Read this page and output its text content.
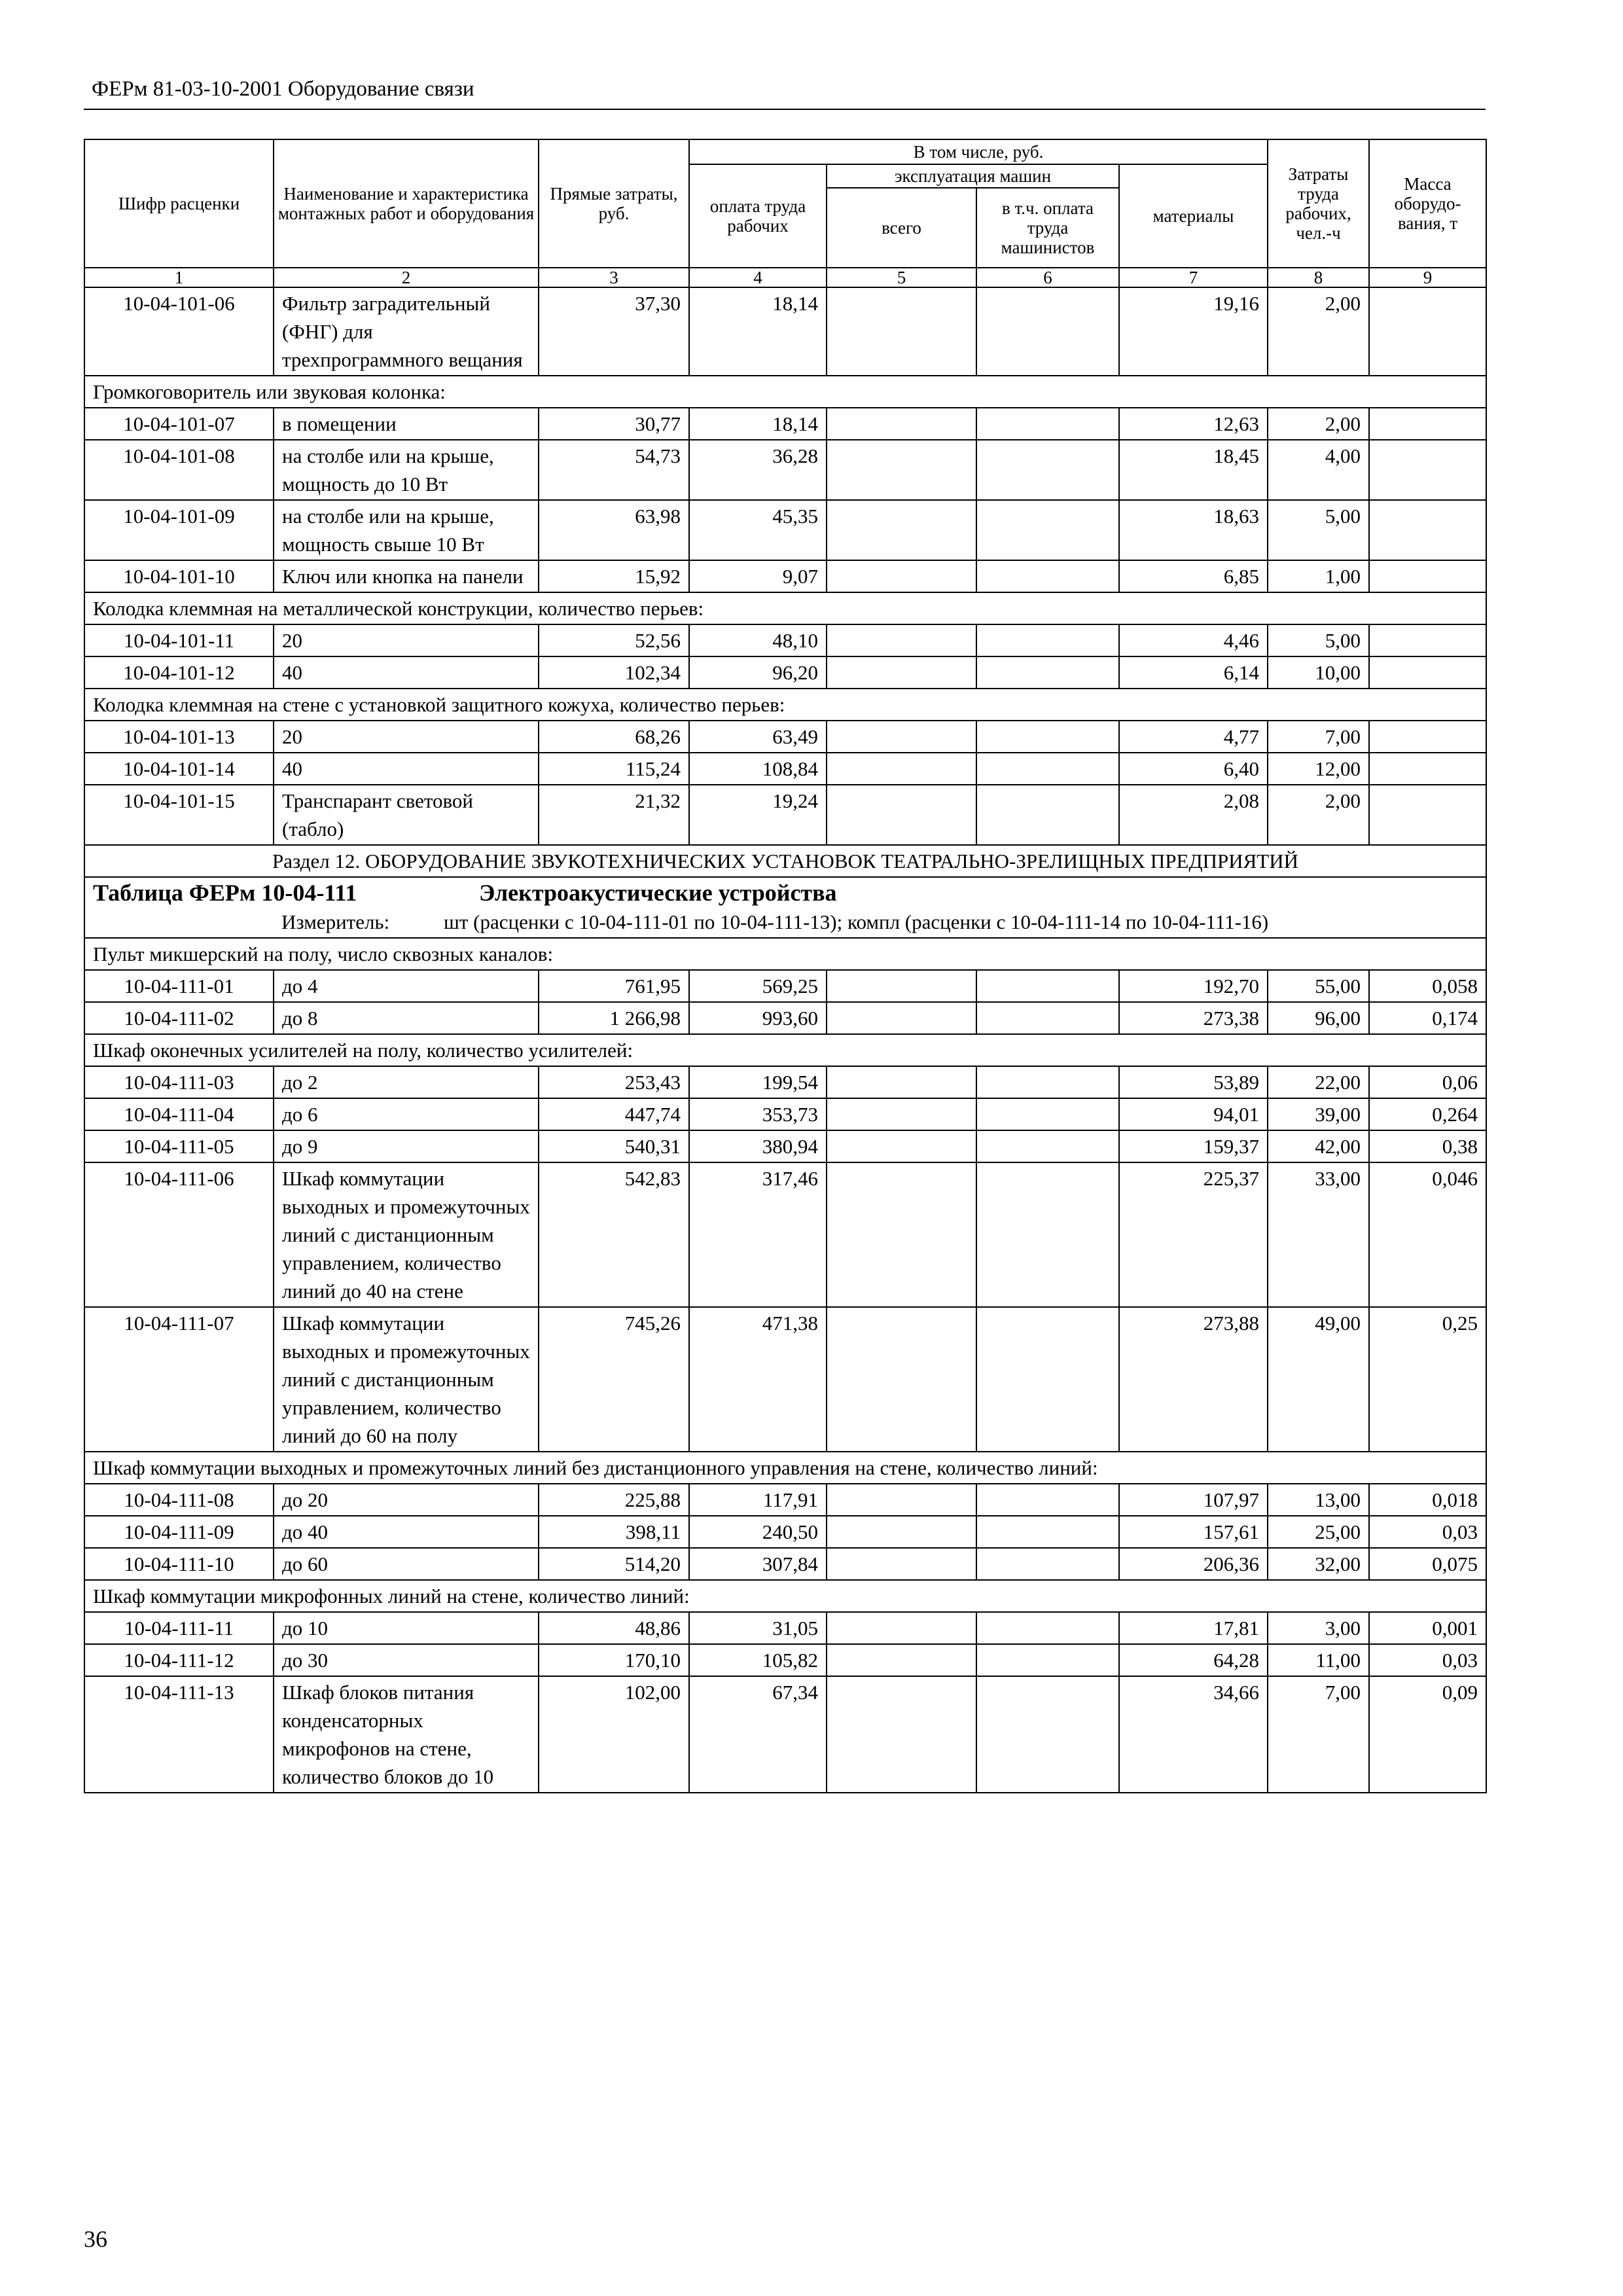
ФЕРм 81-03-10-2001 Оборудование связи
Шифр расценки	Наименование и характеристика монтажных работ и оборудования	Прямые затраты, руб.	В том числе, руб.				Затраты труда рабочих, чел.-ч	Масса оборудо-вания, т
			оплата труда рабочих	эксплуатация машин		материалы		
				всего	в т.ч. оплата труда машинистов			
1	2	3	4	5	6	7	8	9
10-04-101-06	Фильтр заградительный (ФНГ) для трехпрограммного вещания	37,30	18,14			19,16	2,00	
Громкоговоритель или звуковая колонка:								
10-04-101-07	в помещении	30,77	18,14			12,63	2,00	
10-04-101-08	на столбе или на крыше, мощность до 10 Вт	54,73	36,28			18,45	4,00	
10-04-101-09	на столбе или на крыше, мощность свыше 10 Вт	63,98	45,35			18,63	5,00	
10-04-101-10	Ключ или кнопка на панели	15,92	9,07			6,85	1,00	
Колодка клеммная на металлической конструкции, количество перьев:								
10-04-101-11	20	52,56	48,10			4,46	5,00	
10-04-101-12	40	102,34	96,20			6,14	10,00	
Колодка клеммная на стене с установкой защитного кожуха, количество перьев:								
10-04-101-13	20	68,26	63,49			4,77	7,00	
10-04-101-14	40	115,24	108,84			6,40	12,00	
10-04-101-15	Транспарант световой (табло)	21,32	19,24			2,08	2,00	
Раздел 12. ОБОРУДОВАНИЕ ЗВУКОТЕХНИЧЕСКИХ УСТАНОВОК ТЕАТРАЛЬНО-ЗРЕЛИЩНЫХ ПРЕДПРИЯТИЙ								
Таблица ФЕРм 10-04-111 Электроакустические устройства
Измеритель: шт (расценки с 10-04-111-01 по 10-04-111-13); компл (расценки с 10-04-111-14 по 10-04-111-16)								

Пульт микшерский на полу, число сквозных каналов:								
10-04-111-01	до 4	761,95	569,25			192,70	55,00	0,058
10-04-111-02	до 8	1 266,98	993,60			273,38	96,00	0,174
Шкаф оконечных усилителей на полу, количество усилителей:								
10-04-111-03	до 2	253,43	199,54			53,89	22,00	0,06
10-04-111-04	до 6	447,74	353,73			94,01	39,00	0,264
10-04-111-05	до 9	540,31	380,94			159,37	42,00	0,38
10-04-111-06	Шкаф коммутации выходных и промежуточных линий с дистанционным управлением, количество линий до 40 на стене	542,83	317,46			225,37	33,00	0,046
10-04-111-07	Шкаф коммутации выходных и промежуточных линий с дистанционным управлением, количество линий до 60 на полу	745,26	471,38			273,88	49,00	0,25
Шкаф коммутации выходных и промежуточных линий без дистанционного управления на стене, количество линий:								
10-04-111-08	до 20	225,88	117,91			107,97	13,00	0,018
10-04-111-09	до 40	398,11	240,50			157,61	25,00	0,03
10-04-111-10	до 60	514,20	307,84			206,36	32,00	0,075
Шкаф коммутации микрофонных линий на стене, количество линий:								
10-04-111-11	до 10	48,86	31,05			17,81	3,00	0,001
10-04-111-12	до 30	170,10	105,82			64,28	11,00	0,03
10-04-111-13	Шкаф блоков питания конденсаторных микрофонов на стене, количество блоков до 10	102,00	67,34			34,66	7,00	0,09
36
